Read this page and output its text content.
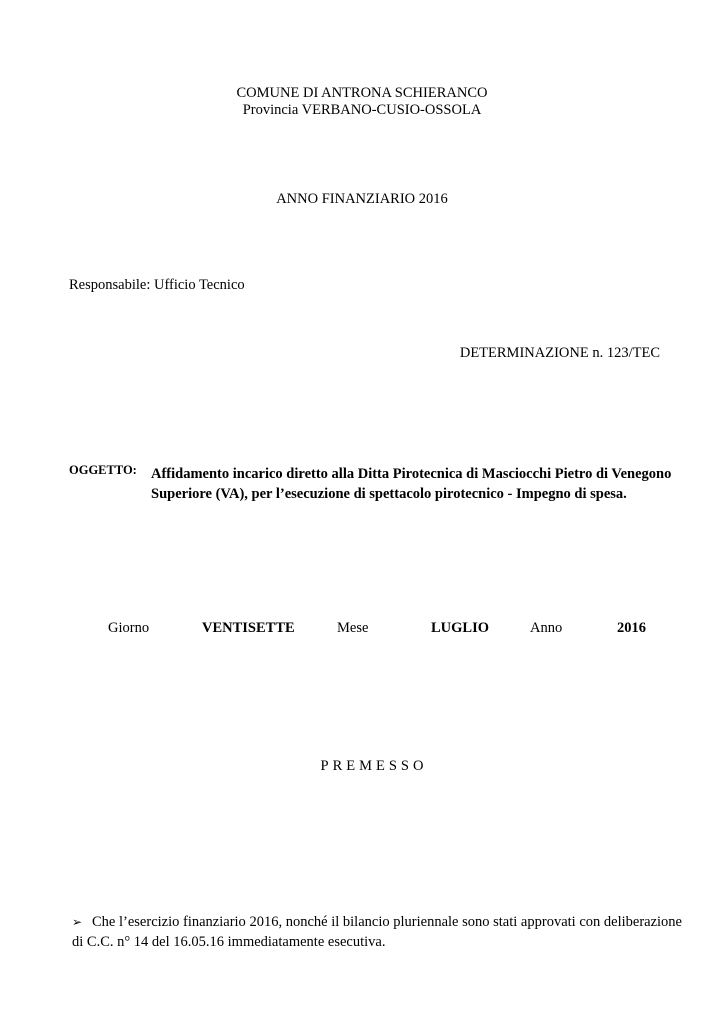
COMUNE DI ANTRONA SCHIERANCO
Provincia VERBANO-CUSIO-OSSOLA
ANNO FINANZIARIO 2016
Responsabile: Ufficio Tecnico
DETERMINAZIONE n. 123/TEC
OGGETTO: Affidamento incarico diretto alla Ditta Pirotecnica di Masciocchi Pietro di Venegono Superiore (VA), per l’esecuzione di spettacolo pirotecnico - Impegno di spesa.
Giorno	VENTISETTE	Mese	LUGLIO	Anno	2016
PREMESSO
➢ Che l’esercizio finanziario 2016, nonché il bilancio pluriennale sono stati approvati con deliberazione di C.C. n° 14 del 16.05.16 immediatamente esecutiva.
